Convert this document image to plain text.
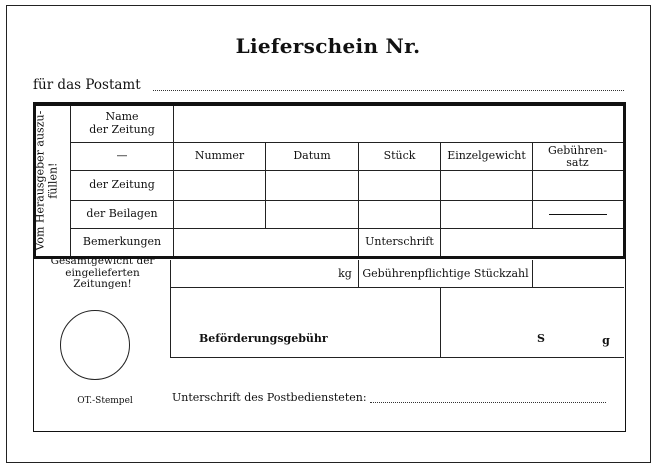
Lieferschein Nr.
für das Postamt
Vom Herausgeber auszu- füllen!
Name
der Zeitung
—	Nummer	Datum	Stück	Einzelgewicht	Gebühren-
satz
der Zeitung
der Beilagen
Bemerkungen	Unterschrift
Gesamtgewicht der eingelieferten Zeitungen!
kg Gebührenpflichtige Stückzahl
Beförderungsgebühr	S	g
OT.-Stempel	Unterschrift des Postbediensteten:
